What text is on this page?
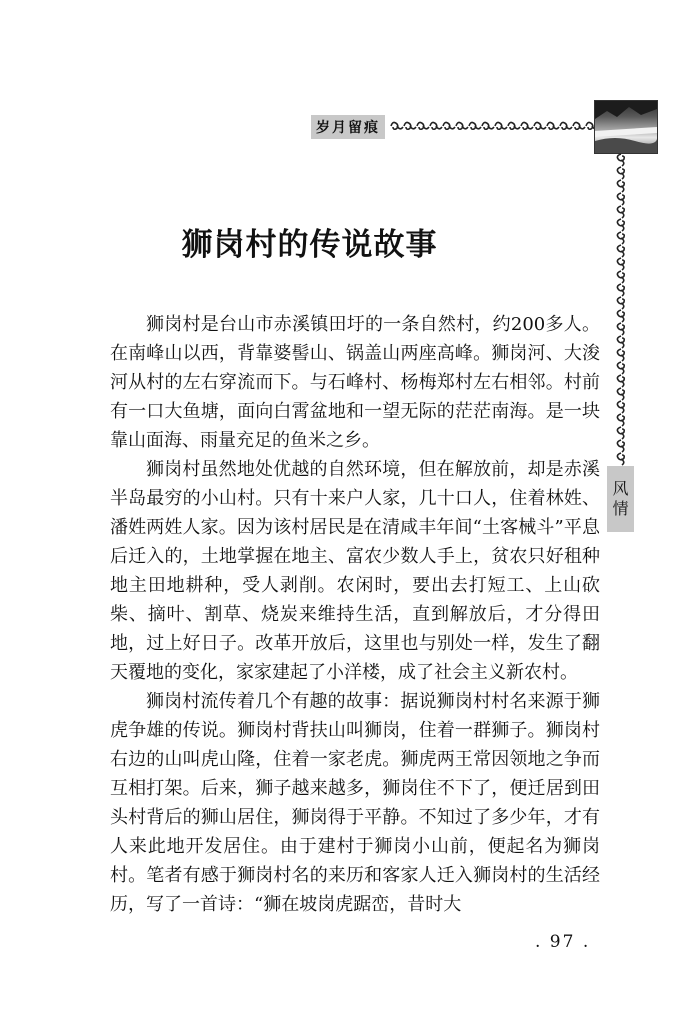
岁月留痕
风
情
狮岗村的传说故事

狮岗村是台山市赤溪镇田圩的一条自然村，约200多人。在南峰山以西，背靠婆髻山、锅盖山两座高峰。狮岗河、大浚河从村的左右穿流而下。与石峰村、杨梅郑村左右相邻。村前有一口大鱼塘，面向白霄盆地和一望无际的茫茫南海。是一块靠山面海、雨量充足的鱼米之乡。

狮岗村虽然地处优越的自然环境，但在解放前，却是赤溪半岛最穷的小山村。只有十来户人家，几十口人，住着林姓、潘姓两姓人家。因为该村居民是在清咸丰年间“土客械斗”平息后迁入的，土地掌握在地主、富农少数人手上，贫农只好租种地主田地耕种，受人剥削。农闲时，要出去打短工、上山砍柴、摘叶、割草、烧炭来维持生活，直到解放后，才分得田地，过上好日子。改革开放后，这里也与别处一样，发生了翻天覆地的变化，家家建起了小洋楼，成了社会主义新农村。

狮岗村流传着几个有趣的故事：据说狮岗村村名来源于狮虎争雄的传说。狮岗村背扶山叫狮岗，住着一群狮子。狮岗村右边的山叫虎山隆，住着一家老虎。狮虎两王常因领地之争而互相打架。后来，狮子越来越多，狮岗住不下了，便迁居到田头村背后的狮山居住，狮岗得于平静。不知过了多少年，才有人来此地开发居住。由于建村于狮岗小山前，便起名为狮岗村。笔者有感于狮岗村名的来历和客家人迁入狮岗村的生活经历，写了一首诗：“狮在坡岗虎踞峦，昔时大

. 97 .
